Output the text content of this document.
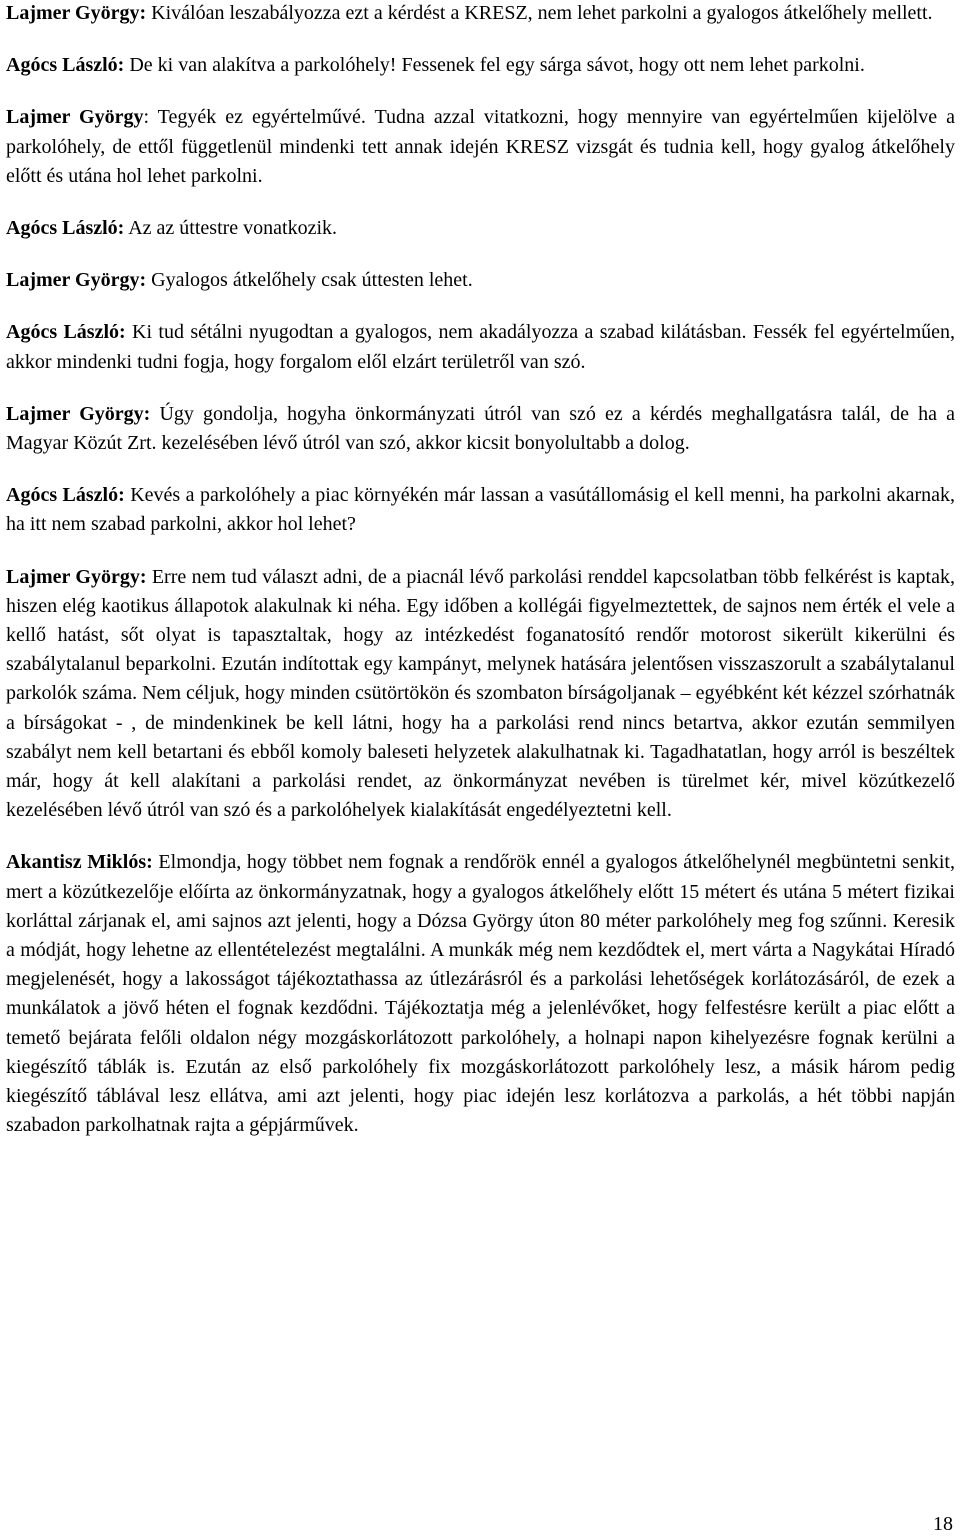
Lajmer György: Kiválóan leszabályozza ezt a kérdést a KRESZ, nem lehet parkolni a gyalogos átkelőhely mellett.

Agócs László: De ki van alakítva a parkolóhely! Fessenek fel egy sárga sávot, hogy ott nem lehet parkolni.

Lajmer György: Tegyék ez egyértelművé. Tudna azzal vitatkozni, hogy mennyire van egyértelműen kijelölve a parkolóhely, de ettől függetlenül mindenki tett annak idején KRESZ vizsgát és tudnia kell, hogy gyalog átkelőhely előtt és utána hol lehet parkolni.

Agócs László: Az az úttestre vonatkozik.

Lajmer György: Gyalogos átkelőhely csak úttesten lehet.

Agócs László: Ki tud sétálni nyugodtan a gyalogos, nem akadályozza a szabad kilátásban. Fessék fel egyértelműen, akkor mindenki tudni fogja, hogy forgalom elől elzárt területről van szó.

Lajmer György: Úgy gondolja, hogyha önkormányzati útról van szó ez a kérdés meghallgatásra talál, de ha a Magyar Közút Zrt. kezelésében lévő útról van szó, akkor kicsit bonyolultabb a dolog.

Agócs László: Kevés a parkolóhely a piac környékén már lassan a vasútállomásig el kell menni, ha parkolni akarnak, ha itt nem szabad parkolni, akkor hol lehet?

Lajmer György: Erre nem tud választ adni, de a piacnál lévő parkolási renddel kapcsolatban több felkérést is kaptak, hiszen elég kaotikus állapotok alakulnak ki néha. Egy időben a kollégái figyelmeztettek, de sajnos nem érték el vele a kellő hatást, sőt olyat is tapasztaltak, hogy az intézkedést foganatosító rendőr motorost sikerült kikerülni és szabálytalanul beparkolni. Ezután indítottak egy kampányt, melynek hatására jelentősen visszaszorult a szabálytalanul parkolók száma. Nem céljuk, hogy minden csütörtökön és szombaton bírságoljanak – egyébként két kézzel szórhatnák a bírságokat - , de mindenkinek be kell látni, hogy ha a parkolási rend nincs betartva, akkor ezután semmilyen szabályt nem kell betartani és ebből komoly baleseti helyzetek alakulhatnak ki. Tagadhatatlan, hogy arról is beszéltek már, hogy át kell alakítani a parkolási rendet, az önkormányzat nevében is türelmet kér, mivel közútkezelő kezelésében lévő útról van szó és a parkolóhelyek kialakítását engedélyeztetni kell.

Akantisz Miklós: Elmondja, hogy többet nem fognak a rendőrök ennél a gyalogos átkelőhelynél megbüntetni senkit, mert a közútkezelője előírta az önkormányzatnak, hogy a gyalogos átkelőhely előtt 15 métert és utána 5 métert fizikai korláttal zárjanak el, ami sajnos azt jelenti, hogy a Dózsa György úton 80 méter parkolóhely meg fog szűnni. Keresik a módját, hogy lehetne az ellentételezést megtalálni. A munkák még nem kezdődtek el, mert várta a Nagykátai Híradó megjelenését, hogy a lakosságot tájékoztathassa az útlezárásról és a parkolási lehetőségek korlátozásáról, de ezek a munkálatok a jövő héten el fognak kezdődni. Tájékoztatja még a jelenlévőket, hogy felfestésre került a piac előtt a temető bejárata felőli oldalon négy mozgáskorlátozott parkolóhely, a holnapi napon kihelyezésre fognak kerülni a kiegészítő táblák is. Ezután az első parkolóhely fix mozgáskorlátozott parkolóhely lesz, a másik három pedig kiegészítő táblával lesz ellátva, ami azt jelenti, hogy piac idején lesz korlátozva a parkolás, a hét többi napján szabadon parkolhatnak rajta a gépjárművek.

18
